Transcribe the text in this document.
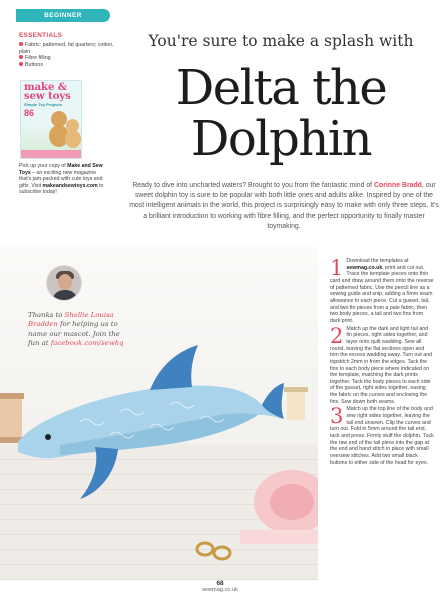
BEGINNER
ESSENTIALS
Fabric: patterned, fat quarters; cotton, plain
Fibre filling
Buttons
make &
sew toys
Simple Toy Projects
86
Pick up your copy of Make and Sew Toys – an exciting new magazine that's jam-packed with cute toys and gifts. Visit makeandsewtoys.com to subscribe today!
You're sure to make a splash with
Delta the
Dolphin
Ready to dive into uncharted waters? Brought to you from the fantastic mind of Corinne Bradd, our sweet dolphin toy is sure to be popular with both little ones and adults alike. Inspired by one of the most intelligent animals in the world, this project is surprisingly easy to make with only three steps. It's a brilliant introduction to working with fibre filling, and the perfect opportunity to finally master toymaking.
Thanks to Shellie Louisa Bradden for helping us to name our mascot. Join the fun at facebook.com/sewhq
1 Download the templates at sewmag.co.uk, print and cut out. Trace the template pieces onto thin card and draw around them onto the reverse of patterned fabric. Use the pencil line as a sewing guide and snip, adding a 5mm seam allowance to each piece. Cut a gusset, tail, and two fin pieces from a pale fabric, then two body pieces, a tail and two fins from dark print.
2 Match up the dark and light tail and fin pieces, right sides together, and layer onto quilt wadding. Sew all round, leaving the flat sections open and trim the excess wadding away. Turn out and topstitch 2mm in from the edges. Tack the fins to each body piece where indicated on the template, matching the dark prints together. Tack the body pieces to each side of the gusset, right sides together, easing the fabric on the curves and enclosing the fins. Sew down both seams.
3 Match up the top line of the body and sew right sides together, leaving the tail end unsewn. Clip the curves and turn out. Fold in 5mm around the tail end, tack and press. Firmly stuff the dolphin. Tuck the raw end of the tail piece into the gap at the end and hand stitch in place with small oversew stitches. Add two small black buttons to either side of the head for eyes.
68
sewmag.co.uk
